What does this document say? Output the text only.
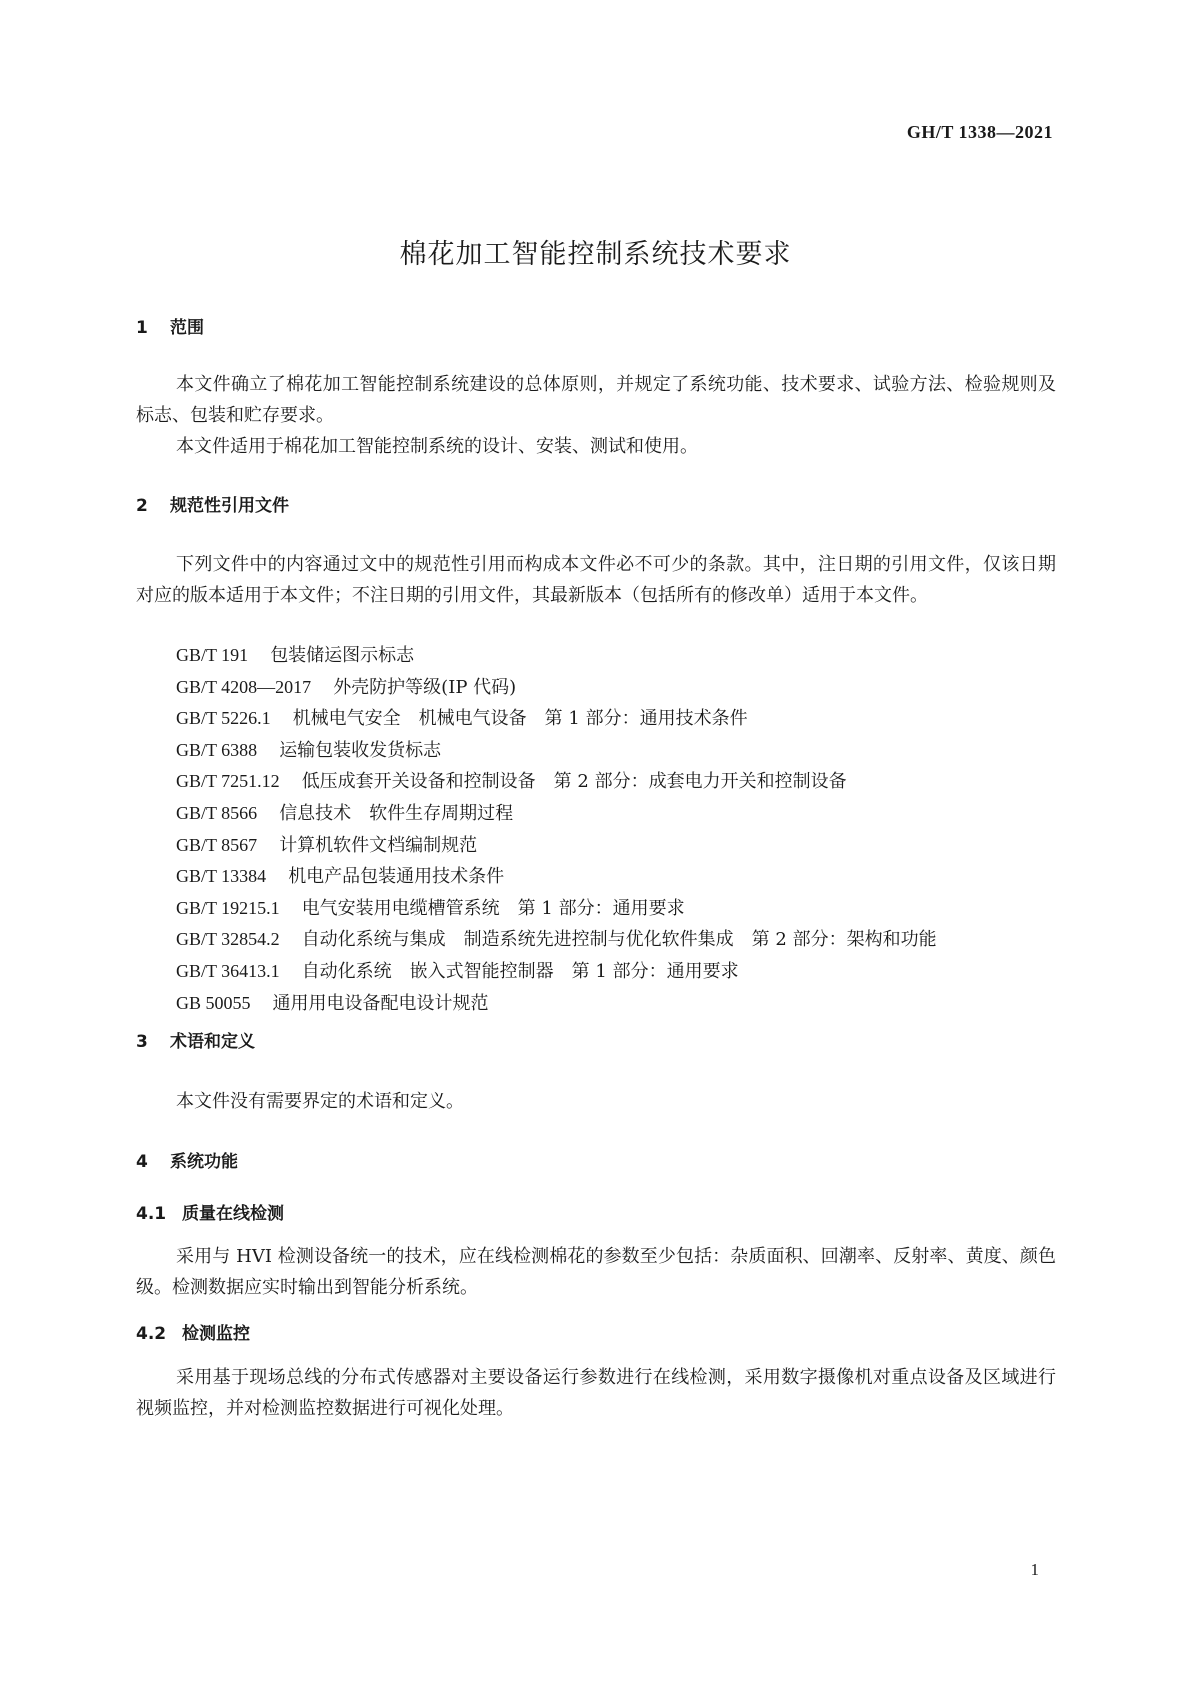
GH/T 1338—2021
棉花加工智能控制系统技术要求
1 范围

本文件确立了棉花加工智能控制系统建设的总体原则，并规定了系统功能、技术要求、试验方法、检验规则及标志、包装和贮存要求。

本文件适用于棉花加工智能控制系统的设计、安装、测试和使用。

2 规范性引用文件

下列文件中的内容通过文中的规范性引用而构成本文件必不可少的条款。其中，注日期的引用文件，仅该日期对应的版本适用于本文件；不注日期的引用文件，其最新版本（包括所有的修改单）适用于本文件。

GB/T 191 包装储运图示标志
GB/T 4208—2017 外壳防护等级(IP 代码)
GB/T 5226.1 机械电气安全　机械电气设备　第 1 部分：通用技术条件
GB/T 6388 运输包装收发货标志
GB/T 7251.12 低压成套开关设备和控制设备　第 2 部分：成套电力开关和控制设备
GB/T 8566 信息技术　软件生存周期过程
GB/T 8567 计算机软件文档编制规范
GB/T 13384 机电产品包装通用技术条件
GB/T 19215.1 电气安装用电缆槽管系统　第 1 部分：通用要求
GB/T 32854.2 自动化系统与集成　制造系统先进控制与优化软件集成　第 2 部分：架构和功能
GB/T 36413.1 自动化系统　嵌入式智能控制器　第 1 部分：通用要求
GB 50055 通用用电设备配电设计规范
3 术语和定义

本文件没有需要界定的术语和定义。

4 系统功能
4.1 质量在线检测

采用与 HVI 检测设备统一的技术，应在线检测棉花的参数至少包括：杂质面积、回潮率、反射率、黄度、颜色级。检测数据应实时输出到智能分析系统。

4.2 检测监控

采用基于现场总线的分布式传感器对主要设备运行参数进行在线检测，采用数字摄像机对重点设备及区域进行视频监控，并对检测监控数据进行可视化处理。

1
